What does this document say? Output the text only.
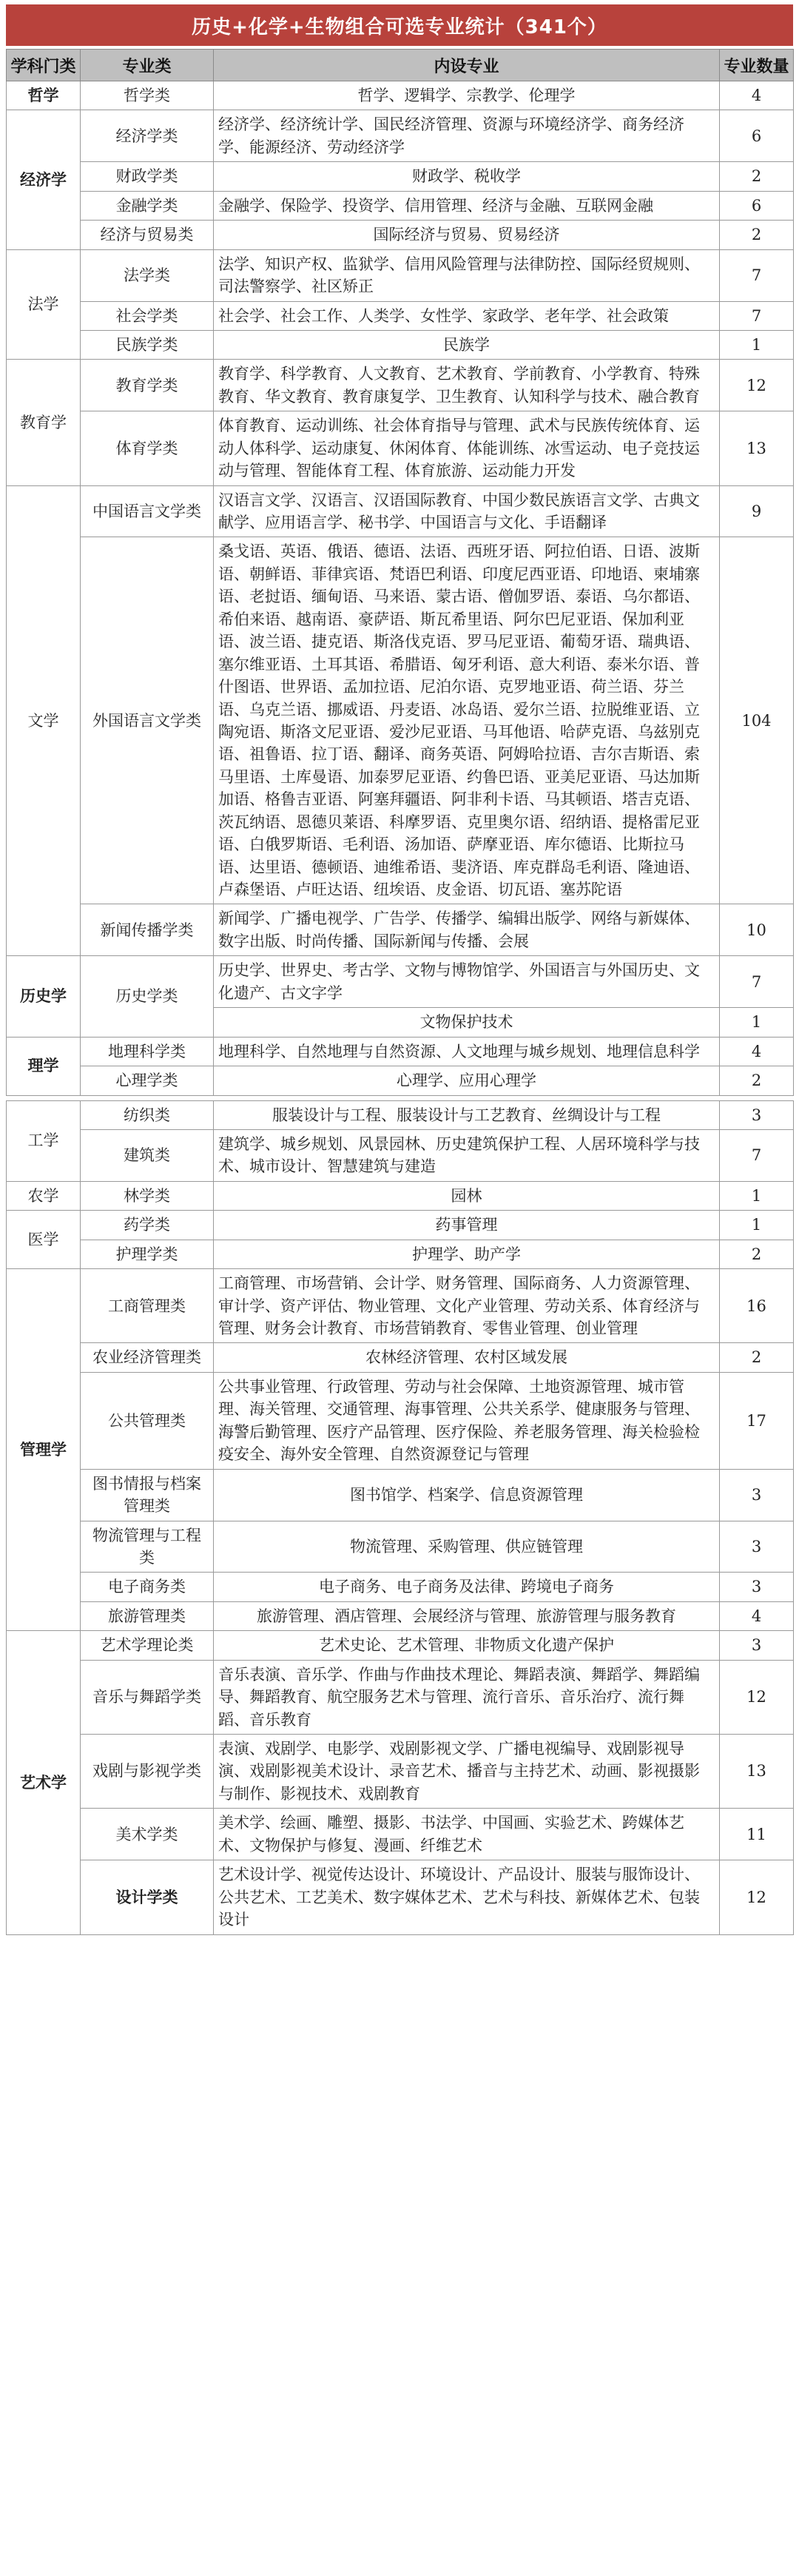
历史+化学+生物组合可选专业统计（341个）
学科门类	专业类	内设专业	专业数量
哲学	哲学类	哲学、逻辑学、宗教学、伦理学	4
经济学	经济学类	经济学、经济统计学、国民经济管理、资源与环境经济学、商务经济学、能源经济、劳动经济学	6
	财政学类	财政学、税收学	2
	金融学类	金融学、保险学、投资学、信用管理、经济与金融、互联网金融	6
	经济与贸易类	国际经济与贸易、贸易经济	2
法学	法学类	法学、知识产权、监狱学、信用风险管理与法律防控、国际经贸规则、司法警察学、社区矫正	7
	社会学类	社会学、社会工作、人类学、女性学、家政学、老年学、社会政策	7
	民族学类	民族学	1
教育学	教育学类	教育学、科学教育、人文教育、艺术教育、学前教育、小学教育、特殊教育、华文教育、教育康复学、卫生教育、认知科学与技术、融合教育	12
	体育学类	体育教育、运动训练、社会体育指导与管理、武术与民族传统体育、运动人体科学、运动康复、休闲体育、体能训练、冰雪运动、电子竞技运动与管理、智能体育工程、体育旅游、运动能力开发	13
文学	中国语言文学类	汉语言文学、汉语言、汉语国际教育、中国少数民族语言文学、古典文献学、应用语言学、秘书学、中国语言与文化、手语翻译	9
	外国语言文学类	桑戈语、英语、俄语、德语、法语、西班牙语、阿拉伯语、日语、波斯语、朝鲜语、菲律宾语、梵语巴利语、印度尼西亚语、印地语、柬埔寨语、老挝语、缅甸语、马来语、蒙古语、僧伽罗语、泰语、乌尔都语、希伯来语、越南语、豪萨语、斯瓦希里语、阿尔巴尼亚语、保加利亚语、波兰语、捷克语、斯洛伐克语、罗马尼亚语、葡萄牙语、瑞典语、塞尔维亚语、土耳其语、希腊语、匈牙利语、意大利语、泰米尔语、普什图语、世界语、孟加拉语、尼泊尔语、克罗地亚语、荷兰语、芬兰语、乌克兰语、挪威语、丹麦语、冰岛语、爱尔兰语、拉脱维亚语、立陶宛语、斯洛文尼亚语、爱沙尼亚语、马耳他语、哈萨克语、乌兹别克语、祖鲁语、拉丁语、翻译、商务英语、阿姆哈拉语、吉尔吉斯语、索马里语、土库曼语、加泰罗尼亚语、约鲁巴语、亚美尼亚语、马达加斯加语、格鲁吉亚语、阿塞拜疆语、阿非利卡语、马其顿语、塔吉克语、茨瓦纳语、恩德贝莱语、科摩罗语、克里奥尔语、绍纳语、提格雷尼亚语、白俄罗斯语、毛利语、汤加语、萨摩亚语、库尔德语、比斯拉马语、达里语、德顿语、迪维希语、斐济语、库克群岛毛利语、隆迪语、卢森堡语、卢旺达语、纽埃语、皮金语、切瓦语、塞苏陀语	104
	新闻传播学类	新闻学、广播电视学、广告学、传播学、编辑出版学、网络与新媒体、数字出版、时尚传播、国际新闻与传播、会展	10
历史学	历史学类	历史学、世界史、考古学、文物与博物馆学、外国语言与外国历史、文化遗产、古文字学	7
		文物保护技术	1
理学	地理科学类	地理科学、自然地理与自然资源、人文地理与城乡规划、地理信息科学	4
	心理学类	心理学、应用心理学	2

工学	纺织类	服装设计与工程、服装设计与工艺教育、丝绸设计与工程	3
	建筑类	建筑学、城乡规划、风景园林、历史建筑保护工程、人居环境科学与技术、城市设计、智慧建筑与建造	7
农学	林学类	园林	1
医学	药学类	药事管理	1
	护理学类	护理学、助产学	2
管理学	工商管理类	工商管理、市场营销、会计学、财务管理、国际商务、人力资源管理、审计学、资产评估、物业管理、文化产业管理、劳动关系、体育经济与管理、财务会计教育、市场营销教育、零售业管理、创业管理	16
	农业经济管理类	农林经济管理、农村区域发展	2
	公共管理类	公共事业管理、行政管理、劳动与社会保障、土地资源管理、城市管理、海关管理、交通管理、海事管理、公共关系学、健康服务与管理、海警后勤管理、医疗产品管理、医疗保险、养老服务管理、海关检验检疫安全、海外安全管理、自然资源登记与管理	17
	图书情报与档案管理类	图书馆学、档案学、信息资源管理	3
	物流管理与工程类	物流管理、采购管理、供应链管理	3
	电子商务类	电子商务、电子商务及法律、跨境电子商务	3
	旅游管理类	旅游管理、酒店管理、会展经济与管理、旅游管理与服务教育	4
艺术学	艺术学理论类	艺术史论、艺术管理、非物质文化遗产保护	3
	音乐与舞蹈学类	音乐表演、音乐学、作曲与作曲技术理论、舞蹈表演、舞蹈学、舞蹈编导、舞蹈教育、航空服务艺术与管理、流行音乐、音乐治疗、流行舞蹈、音乐教育	12
	戏剧与影视学类	表演、戏剧学、电影学、戏剧影视文学、广播电视编导、戏剧影视导演、戏剧影视美术设计、录音艺术、播音与主持艺术、动画、影视摄影与制作、影视技术、戏剧教育	13
	美术学类	美术学、绘画、雕塑、摄影、书法学、中国画、实验艺术、跨媒体艺术、文物保护与修复、漫画、纤维艺术	11
	设计学类	艺术设计学、视觉传达设计、环境设计、产品设计、服装与服饰设计、公共艺术、工艺美术、数字媒体艺术、艺术与科技、新媒体艺术、包装设计	12
